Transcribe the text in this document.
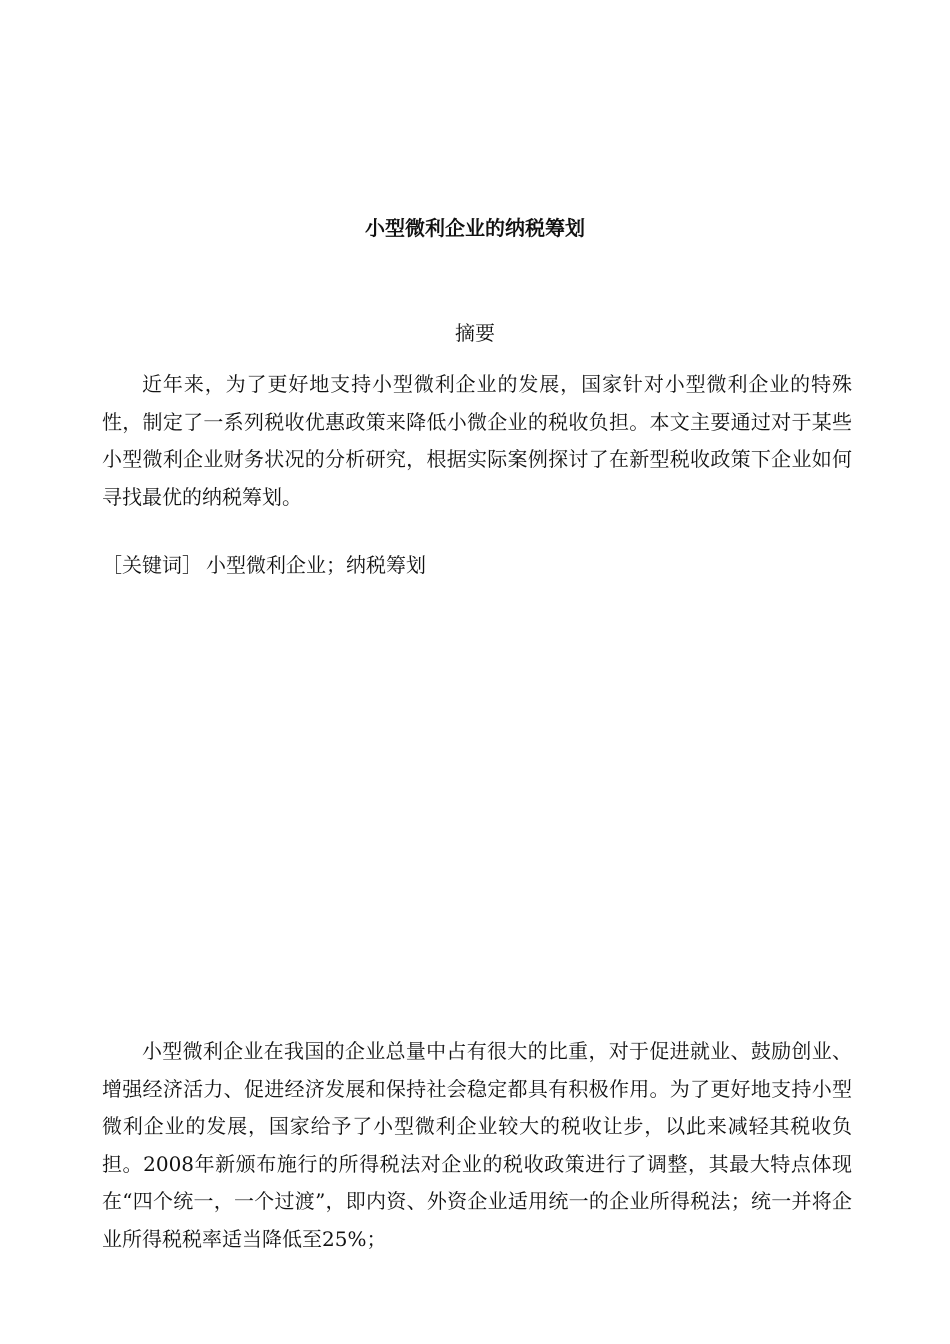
小型微利企业的纳税筹划
摘要

近年来，为了更好地支持小型微利企业的发展，国家针对小型微利企业的特殊性，制定了一系列税收优惠政策来降低小微企业的税收负担。本文主要通过对于某些小型微利企业财务状况的分析研究，根据实际案例探讨了在新型税收政策下企业如何寻找最优的纳税筹划。

［关键词］ 小型微利企业；纳税筹划

小型微利企业在我国的企业总量中占有很大的比重，对于促进就业、鼓励创业、增强经济活力、促进经济发展和保持社会稳定都具有积极作用。为了更好地支持小型微利企业的发展，国家给予了小型微利企业较大的税收让步，以此来减轻其税收负担。2008年新颁布施行的所得税法对企业的税收政策进行了调整，其最大特点体现在“四个统一，一个过渡”，即内资、外资企业适用统一的企业所得税法；统一并将企业所得税税率适当降低至25%；
